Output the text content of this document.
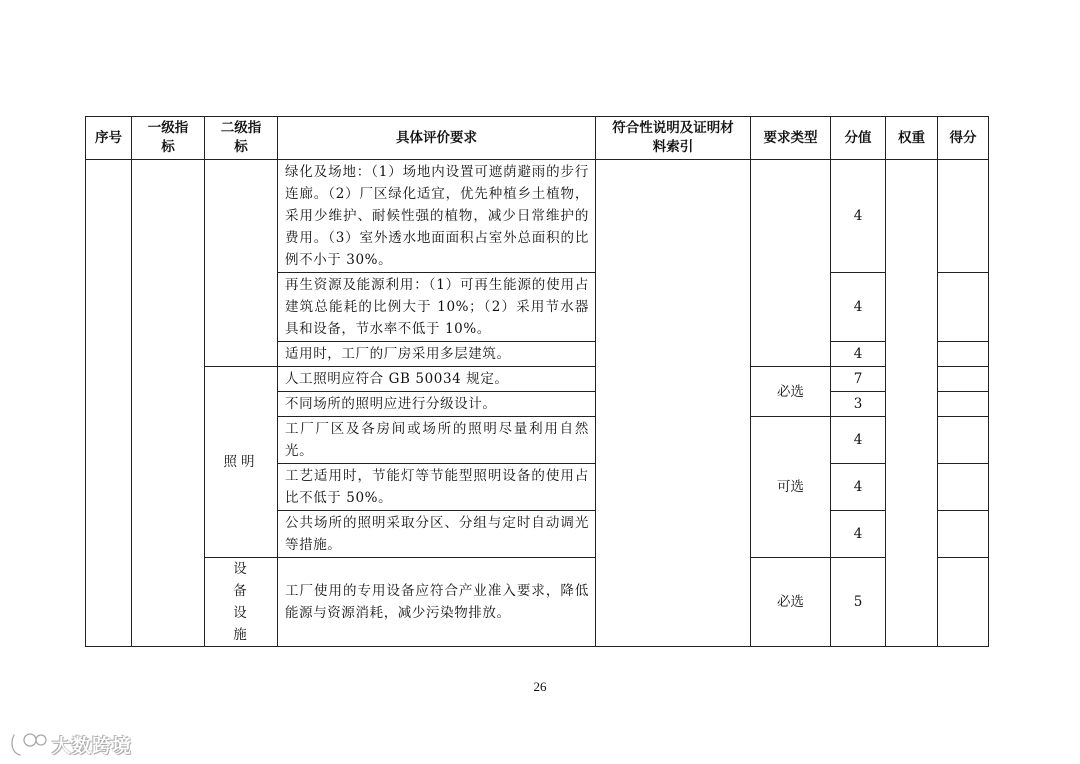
序号	一级指标	二级指标	具体评价要求	符合性说明及证明材料索引	要求类型	分值	权重	得分
			绿化及场地：（1）场地内设置可遮荫避雨的步行连廊。（2）厂区绿化适宜，优先种植乡土植物，采用少维护、耐候性强的植物，减少日常维护的费用。（3）室外透水地面面积占室外总面积的比例不小于 30%。			4		
			再生资源及能源利用：（1）可再生能源的使用占建筑总能耗的比例大于 10%；（2）采用节水器具和设备，节水率不低于 10%。			4		
			适用时，工厂的厂房采用多层建筑。			4		
		照明	人工照明应符合 GB 50034 规定。		必选	7		
			不同场所的照明应进行分级设计。			3		
			工厂厂区及各房间或场所的照明尽量利用自然光。		可选	4		
			工艺适用时，节能灯等节能型照明设备的使用占比不低于 50%。			4		
			公共场所的照明采取分区、分组与定时自动调光等措施。			4		
		设备设施	工厂使用的专用设备应符合产业准入要求，降低能源与资源消耗，减少污染物排放。		必选	5		
26
大数跨境
